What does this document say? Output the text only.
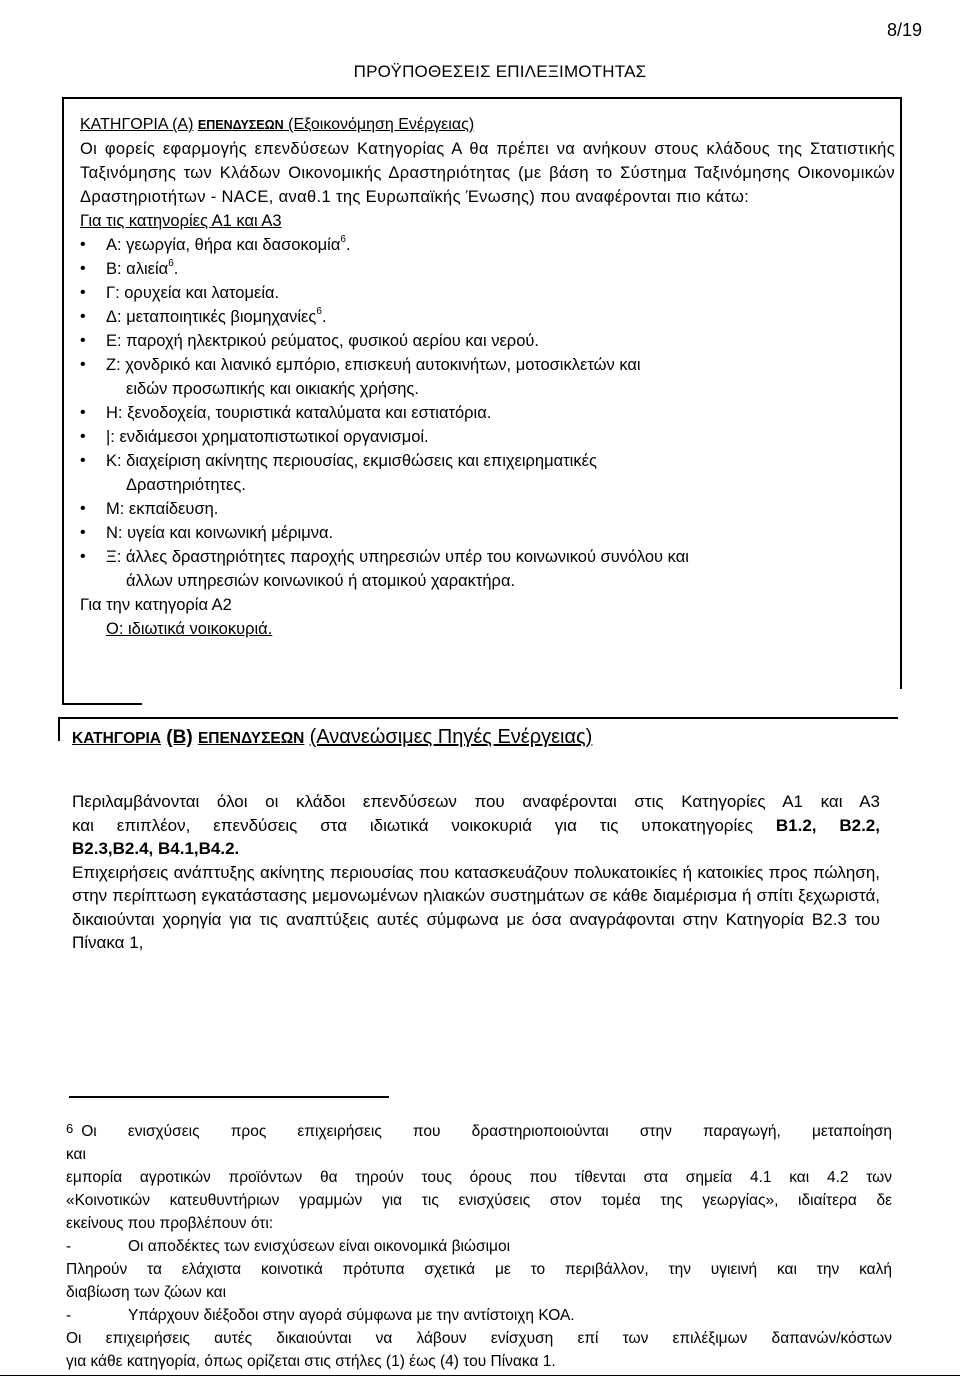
8/19
ΠΡΟΫΠΟΘΕΣΕΙΣ ΕΠΙΛΕΞΙΜΟΤΗΤΑΣ
ΚΑΤΗΓΟΡΙΑ (Α) ΕΠΕΝΔΥΣΕΩΝ (Εξοικονόμηση Ενέργειας)
Οι φορείς εφαρμογής επενδύσεων Κατηγορίας Α θα πρέπει να ανήκουν στους κλάδους της Στατιστικής Ταξινόμησης των Κλάδων Οικονομικής Δραστηριότητας (με βάση το Σύστημα Ταξινόμησης Οικονομικών Δραστηριοτήτων - NACE, αναθ.1 της Ευρωπαϊκής Ένωσης) που αναφέρονται πιο κάτω:
Για τις κατηνορίες Α1 και Α3
• Α: γεωργία, θήρα και δασοκομία$^6$.
• Β: αλιεία$^6$.
• Γ: ορυχεία και λατομεία.
• Δ: μεταποιητικές βιομηχανίες$^6$.
• Ε: παροχή ηλεκτρικού ρεύματος, φυσικού αερίου και νερού.
• Ζ: χονδρικό και λιανικό εμπόριο, επισκευή αυτοκινήτων, μοτοσικλετών και
ειδών προσωπικής και οικιακής χρήσης.
• Η: ξενοδοχεία, τουριστικά καταλύματα και εστιατόρια.
• |: ενδιάμεσοι χρηματοπιστωτικοί οργανισμοί.
• Κ: διαχείριση ακίνητης περιουσίας, εκμισθώσεις και επιχειρηματικές
Δραστηριότητες.
• Μ: εκπαίδευση.
• Ν: υγεία και κοινωνική μέριμνα.
• Ξ: άλλες δραστηριότητες παροχής υπηρεσιών υπέρ του κοινωνικού συνόλου και
άλλων υπηρεσιών κοινωνικού ή ατομικού χαρακτήρα.
Για την κατηγορία Α2
Ο: ιδιωτικά νοικοκυριά.
ΚΑΤΗΓΟΡΙΑ (Β) ΕΠΕΝΔΥΣΕΩΝ (Ανανεώσιμες Πηγές Ενέργειας)

Περιλαμβάνονται όλοι οι κλάδοι επενδύσεων που αναφέρονται στις Κατηγορίες Α1 και Α3

και επιπλέον, επενδύσεις στα ιδιωτικά νοικοκυριά για τις υποκατηγορίες Β1.2, Β2.2,

Β2.3,Β2.4, Β4.1,Β4.2.

Επιχειρήσεις ανάπτυξης ακίνητης περιουσίας που κατασκευάζουν πολυκατοικίες ή κατοικίες προς πώληση, στην περίπτωση εγκατάστασης μεμονωμένων ηλιακών συστημάτων σε κάθε διαμέρισμα ή σπίτι ξεχωριστά, δικαιούνται χορηγία για τις αναπτύξεις αυτές σύμφωνα με όσα αναγράφονται στην Κατηγορία Β2.3 του Πίνακα 1,

6 Οι ενισχύσεις προς επιχειρήσεις που δραστηριοποιούνται στην παραγωγή, μεταποίηση

και

εμπορία αγροτικών προϊόντων θα τηρούν τους όρους που τίθενται στα σημεία 4.1 και 4.2 των

«Κοινοτικών κατευθυντήριων γραμμών για τις ενισχύσεις στον τομέα της γεωργίας», ιδιαίτερα δε

εκείνους που προβλέπουν ότι:

-	Οι αποδέκτες των ενισχύσεων είναι οικονομικά βιώσιμοι

Πληρούν τα ελάχιστα κοινοτικά πρότυπα σχετικά με το περιβάλλον, την υγιεινή και την καλή

διαβίωση των ζώων και

-	Υπάρχουν διέξοδοι στην αγορά σύμφωνα με την αντίστοιχη ΚΟΑ.

Οι επιχειρήσεις αυτές δικαιούνται να λάβουν ενίσχυση επί των επιλέξιμων δαπανών/κόστων

για κάθε κατηγορία, όπως ορίζεται στις στήλες (1) έως (4) του Πίνακα 1.
